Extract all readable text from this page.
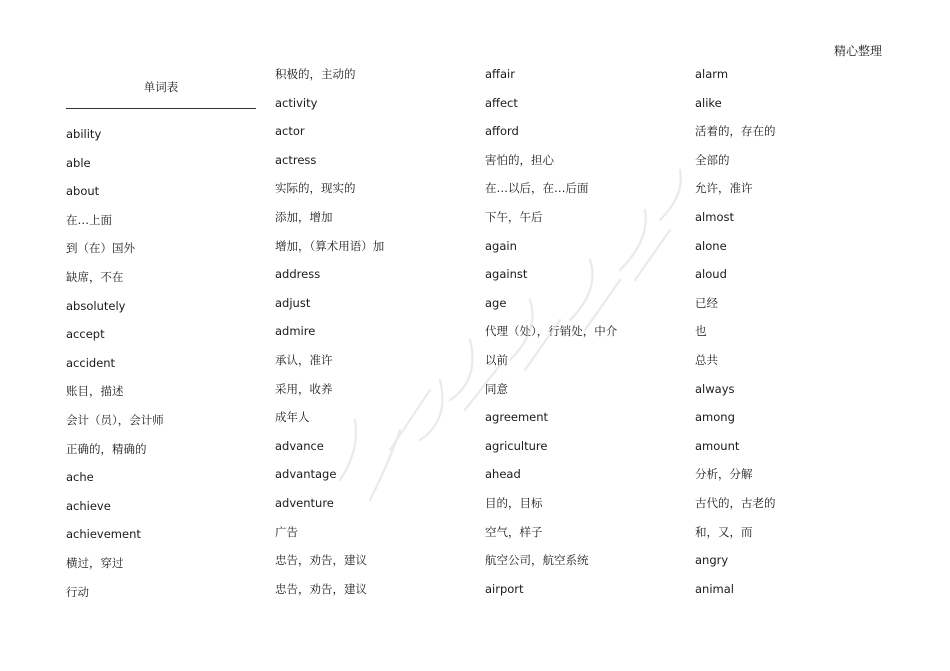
精心整理
单词表
ability
able
about
在…上面
到（在）国外
缺席，不在
absolutely
accept
accident
账目，描述
会计（员），会计师
正确的，精确的
ache
achieve
achievement
横过，穿过
行动
积极的，主动的
activity
actor
actress
实际的，现实的
添加，增加
增加，（算术用语）加
address
adjust
admire
承认，准许
采用，收养
成年人
advance
advantage
adventure
广告
忠告，劝告，建议
忠告，劝告，建议
affair
affect
afford
害怕的，担心
在…以后，在…后面
下午，午后
again
against
age
代理（处），行销处，中介
以前
同意
agreement
agriculture
ahead
目的，目标
空气，样子
航空公司，航空系统
airport
alarm
alike
活着的，存在的
全部的
允许，准许
almost
alone
aloud
已经
也
总共
always
among
amount
分析，分解
古代的，古老的
和，又，而
angry
animal
